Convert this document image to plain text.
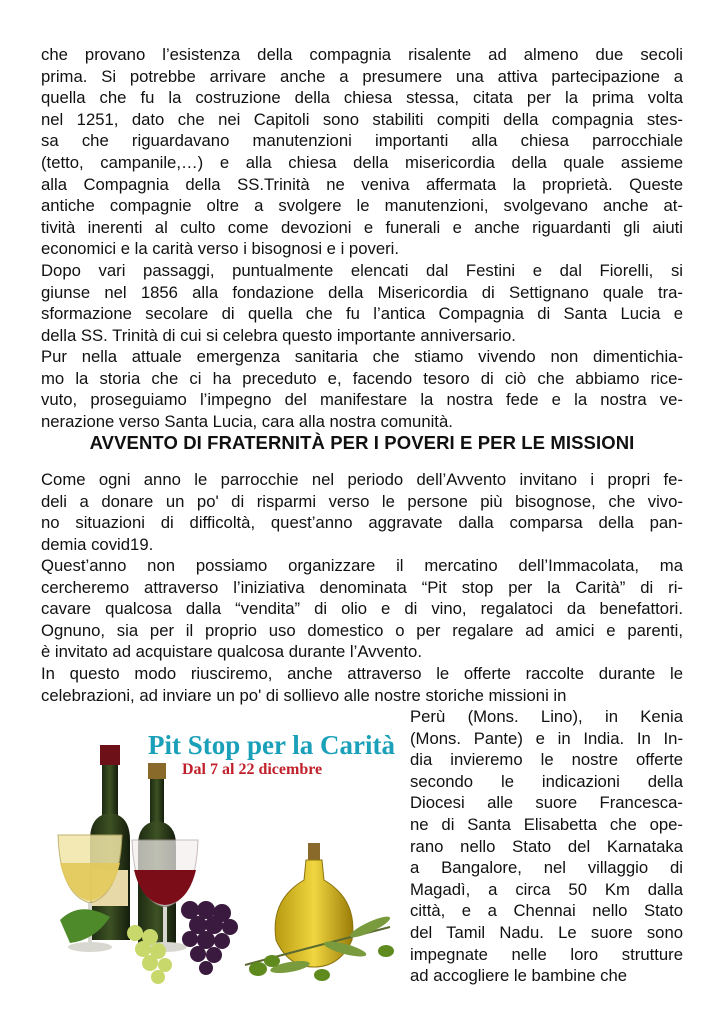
che provano l’esistenza della compagnia risalente ad almeno due secoli
prima. Si potrebbe arrivare anche a presumere una attiva partecipazione a
quella che fu la costruzione della chiesa stessa, citata per la prima volta
nel 1251, dato che nei Capitoli sono stabiliti compiti della compagnia stes-
sa che riguardavano manutenzioni importanti alla chiesa parrocchiale
(tetto, campanile,…) e alla chiesa della misericordia della quale assieme
alla Compagnia della SS.Trinità ne veniva affermata la proprietà. Queste
antiche compagnie oltre a svolgere le manutenzioni, svolgevano anche at-
tività inerenti al culto come devozioni e funerali e anche riguardanti gli aiuti
economici e la carità verso i bisognosi e i poveri.
Dopo vari passaggi, puntualmente elencati dal Festini e dal Fiorelli, si
giunse nel 1856 alla fondazione della Misericordia di Settignano quale tra-
sformazione secolare di quella che fu l’antica Compagnia di Santa Lucia e
della SS. Trinità di cui si celebra questo importante anniversario.
Pur nella attuale emergenza sanitaria che stiamo vivendo non dimentichia-
mo la storia che ci ha preceduto e, facendo tesoro di ciò che abbiamo rice-
vuto, proseguiamo l’impegno del manifestare la nostra fede e la nostra ve-
nerazione verso Santa Lucia, cara alla nostra comunità.
AVVENTO DI FRATERNITÀ PER I POVERI E PER LE MISSIONI
Come ogni anno le parrocchie nel periodo dell’Avvento invitano i propri fe-
deli a donare un po' di risparmi verso le persone più bisognose, che vivo-
no situazioni di difficoltà, quest’anno aggravate dalla comparsa della pan-
demia covid19.
Quest’anno non possiamo organizzare il mercatino dell’Immacolata, ma
cercheremo attraverso l’iniziativa denominata “Pit stop per la Carità” di ri-
cavare qualcosa dalla “vendita” di olio e di vino, regalatoci da benefattori.
Ognuno, sia per il proprio uso domestico o per regalare ad amici e parenti,
è invitato ad acquistare qualcosa durante l’Avvento.
In questo modo riusciremo, anche attraverso le offerte raccolte durante le
celebrazioni, ad inviare un po' di sollievo alle nostre storiche missioni in
Perù (Mons. Lino), in Kenia
(Mons. Pante) e in India. In In-
dia invieremo le nostre offerte
secondo le indicazioni della
Diocesi alle suore Francesca-
ne di Santa Elisabetta che ope-
rano nello Stato del Karnataka
a Bangalore, nel villaggio di
Magadì, a circa 50 Km dalla
città, e a Chennai nello Stato
del Tamil Nadu. Le suore sono
impegnate nelle loro strutture
ad accogliere le bambine che
Pit Stop per la Carità
Dal 7 al 22 dicembre
